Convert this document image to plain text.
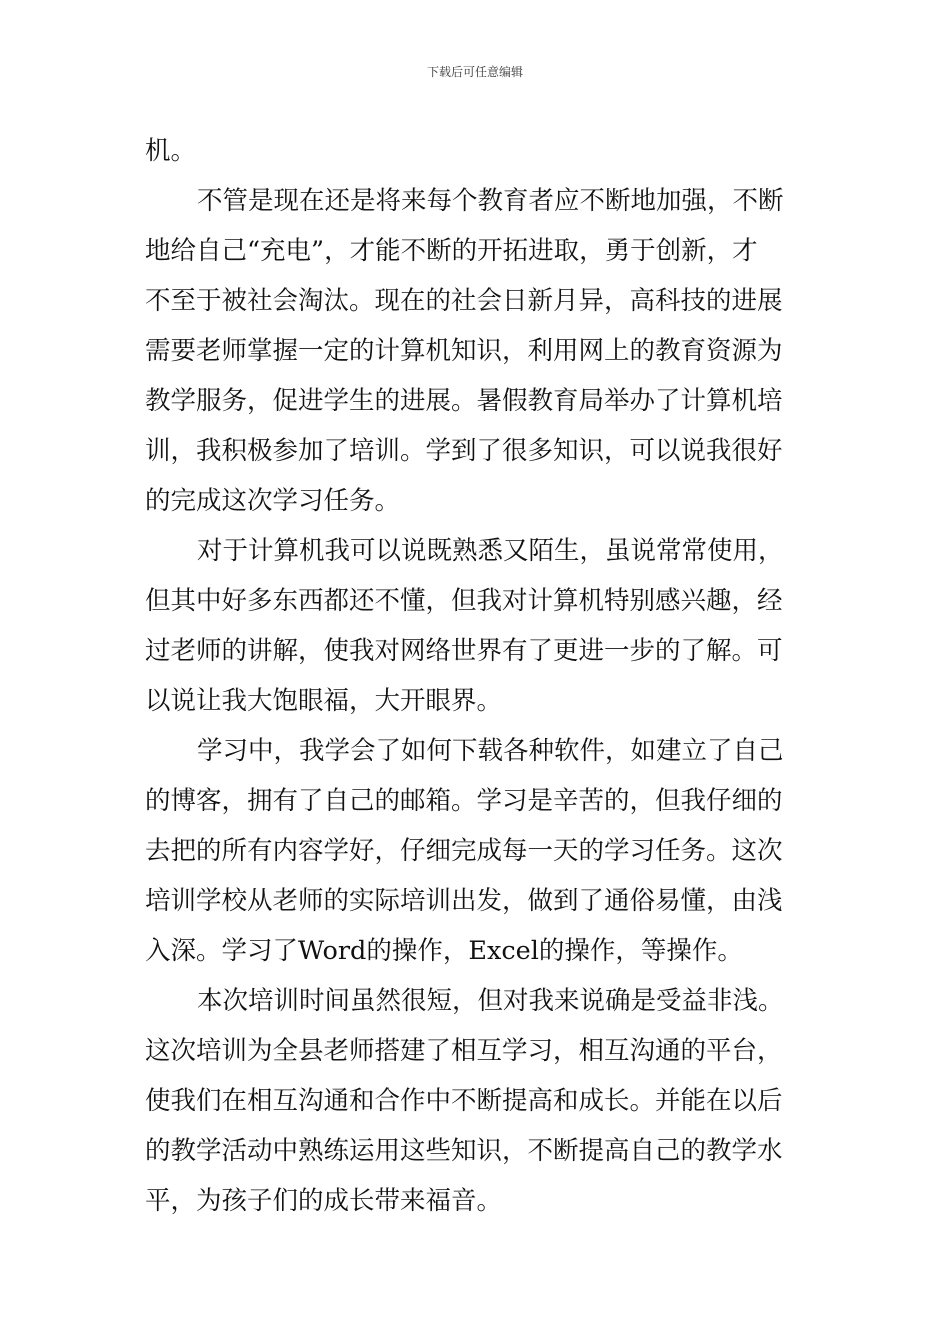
下载后可任意编辑
机。
不管是现在还是将来每个教育者应不断地加强，不断
地给自己“充电”，才能不断的开拓进取，勇于创新，才
不至于被社会淘汰。现在的社会日新月异，高科技的进展
需要老师掌握一定的计算机知识，利用网上的教育资源为
教学服务，促进学生的进展。暑假教育局举办了计算机培
训，我积极参加了培训。学到了很多知识，可以说我很好
的完成这次学习任务。
对于计算机我可以说既熟悉又陌生，虽说常常使用，
但其中好多东西都还不懂，但我对计算机特别感兴趣，经
过老师的讲解，使我对网络世界有了更进一步的了解。可
以说让我大饱眼福，大开眼界。
学习中，我学会了如何下载各种软件，如建立了自己
的博客，拥有了自己的邮箱。学习是辛苦的，但我仔细的
去把的所有内容学好，仔细完成每一天的学习任务。这次
培训学校从老师的实际培训出发，做到了通俗易懂，由浅
入深。学习了Word的操作，Excel的操作，等操作。
本次培训时间虽然很短，但对我来说确是受益非浅。
这次培训为全县老师搭建了相互学习，相互沟通的平台，
使我们在相互沟通和合作中不断提高和成长。并能在以后
的教学活动中熟练运用这些知识，不断提高自己的教学水
平，为孩子们的成长带来福音。
